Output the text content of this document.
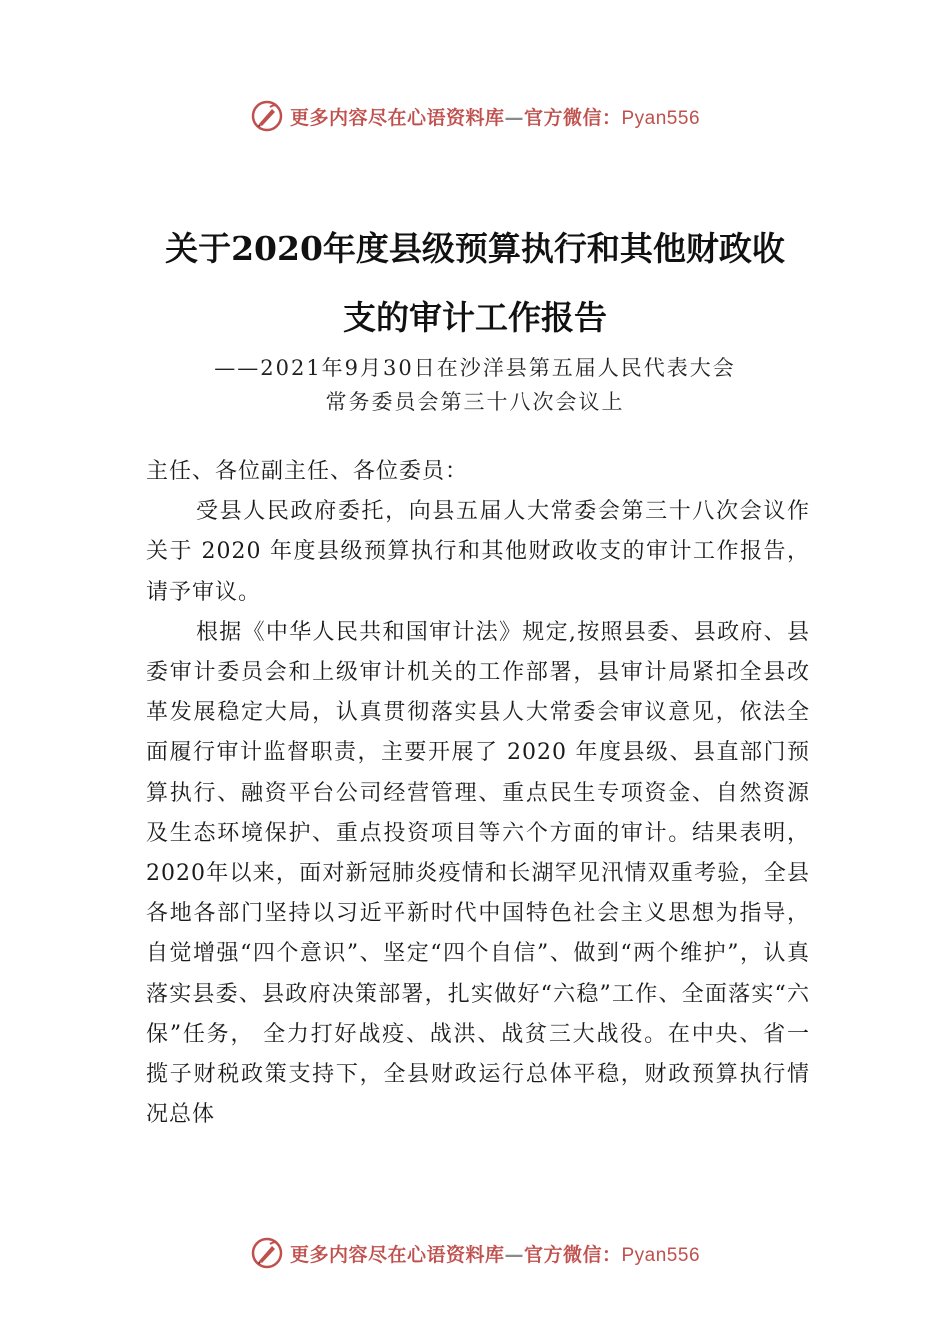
更多内容尽在心语资料库—官方微信：Pyan556
关于2020年度县级预算执行和其他财政收
支的审计工作报告
——2021年9月30日在沙洋县第五届人民代表大会
常务委员会第三十八次会议上

主任、各位副主任、各位委员：

受县人民政府委托，向县五届人大常委会第三十八次会议作关于 2020 年度县级预算执行和其他财政收支的审计工作报告，请予审议。

根据《中华人民共和国审计法》规定,按照县委、县政府、县委审计委员会和上级审计机关的工作部署，县审计局紧扣全县改革发展稳定大局，认真贯彻落实县人大常委会审议意见，依法全面履行审计监督职责，主要开展了 2020 年度县级、县直部门预算执行、融资平台公司经营管理、重点民生专项资金、自然资源及生态环境保护、重点投资项目等六个方面的审计。结果表明，2020年以来，面对新冠肺炎疫情和长湖罕见汛情双重考验，全县各地各部门坚持以习近平新时代中国特色社会主义思想为指导，自觉增强“四个意识”、坚定“四个自信”、做到“两个维护”，认真落实县委、县政府决策部署，扎实做好“六稳”工作、全面落实“六保”任务， 全力打好战疫、战洪、战贫三大战役。在中央、省一揽子财税政策支持下，全县财政运行总体平稳，财政预算执行情况总体

更多内容尽在心语资料库—官方微信：Pyan556
